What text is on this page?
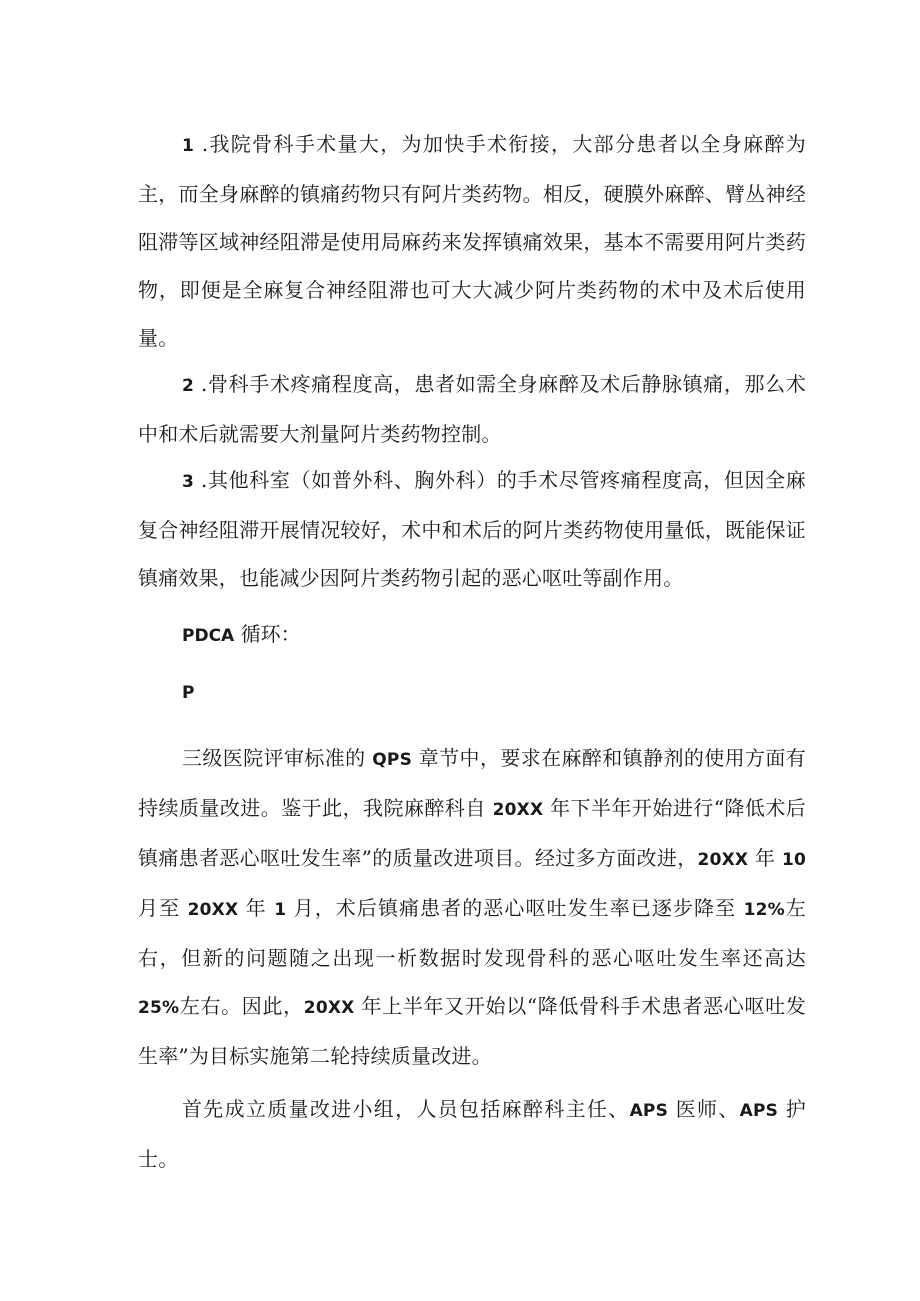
1 .我院骨科手术量大，为加快手术衔接，大部分患者以全身麻醉为主，而全身麻醉的镇痛药物只有阿片类药物。相反，硬膜外麻醉、臂丛神经阻滞等区域神经阻滞是使用局麻药来发挥镇痛效果，基本不需要用阿片类药物，即便是全麻复合神经阻滞也可大大减少阿片类药物的术中及术后使用量。

2 .骨科手术疼痛程度高，患者如需全身麻醉及术后静脉镇痛，那么术中和术后就需要大剂量阿片类药物控制。

3 .其他科室（如普外科、胸外科）的手术尽管疼痛程度高，但因全麻复合神经阻滞开展情况较好，术中和术后的阿片类药物使用量低，既能保证镇痛效果，也能减少因阿片类药物引起的恶心呕吐等副作用。

PDCA 循环：

P

三级医院评审标准的 QPS 章节中，要求在麻醉和镇静剂的使用方面有持续质量改进。鉴于此，我院麻醉科自 20XX 年下半年开始进行“降低术后镇痛患者恶心呕吐发生率”的质量改进项目。经过多方面改进，20XX 年 10 月至 20XX 年 1 月，术后镇痛患者的恶心呕吐发生率已逐步降至 12%左右，但新的问题随之出现一析数据时发现骨科的恶心呕吐发生率还高达 25%左右。因此，20XX 年上半年又开始以“降低骨科手术患者恶心呕吐发生率”为目标实施第二轮持续质量改进。

首先成立质量改进小组，人员包括麻醉科主任、APS 医师、APS 护士。
